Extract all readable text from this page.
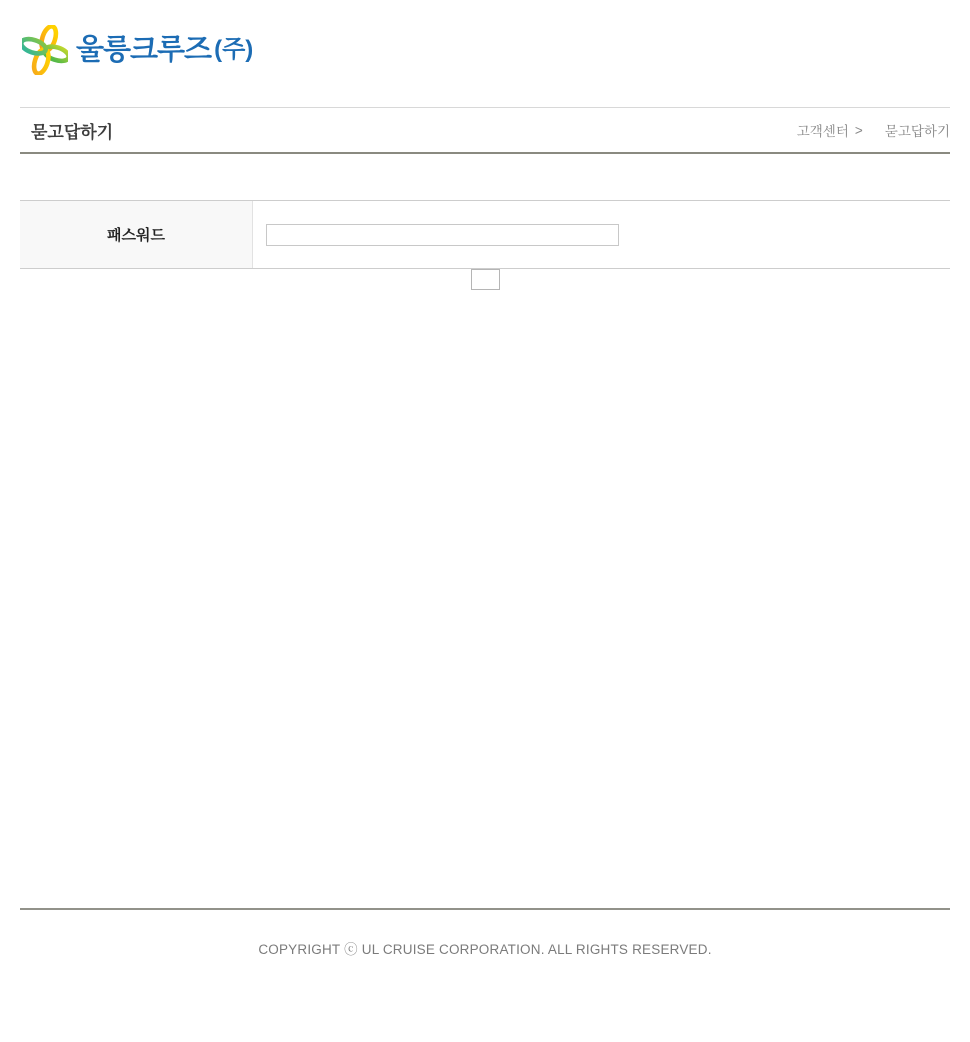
울릉크루즈 (주)
묻고답하기	고객센터 > 묻고답하기
패스워드
COPYRIGHT ⓒ UL CRUISE CORPORATION. ALL RIGHTS RESERVED.
